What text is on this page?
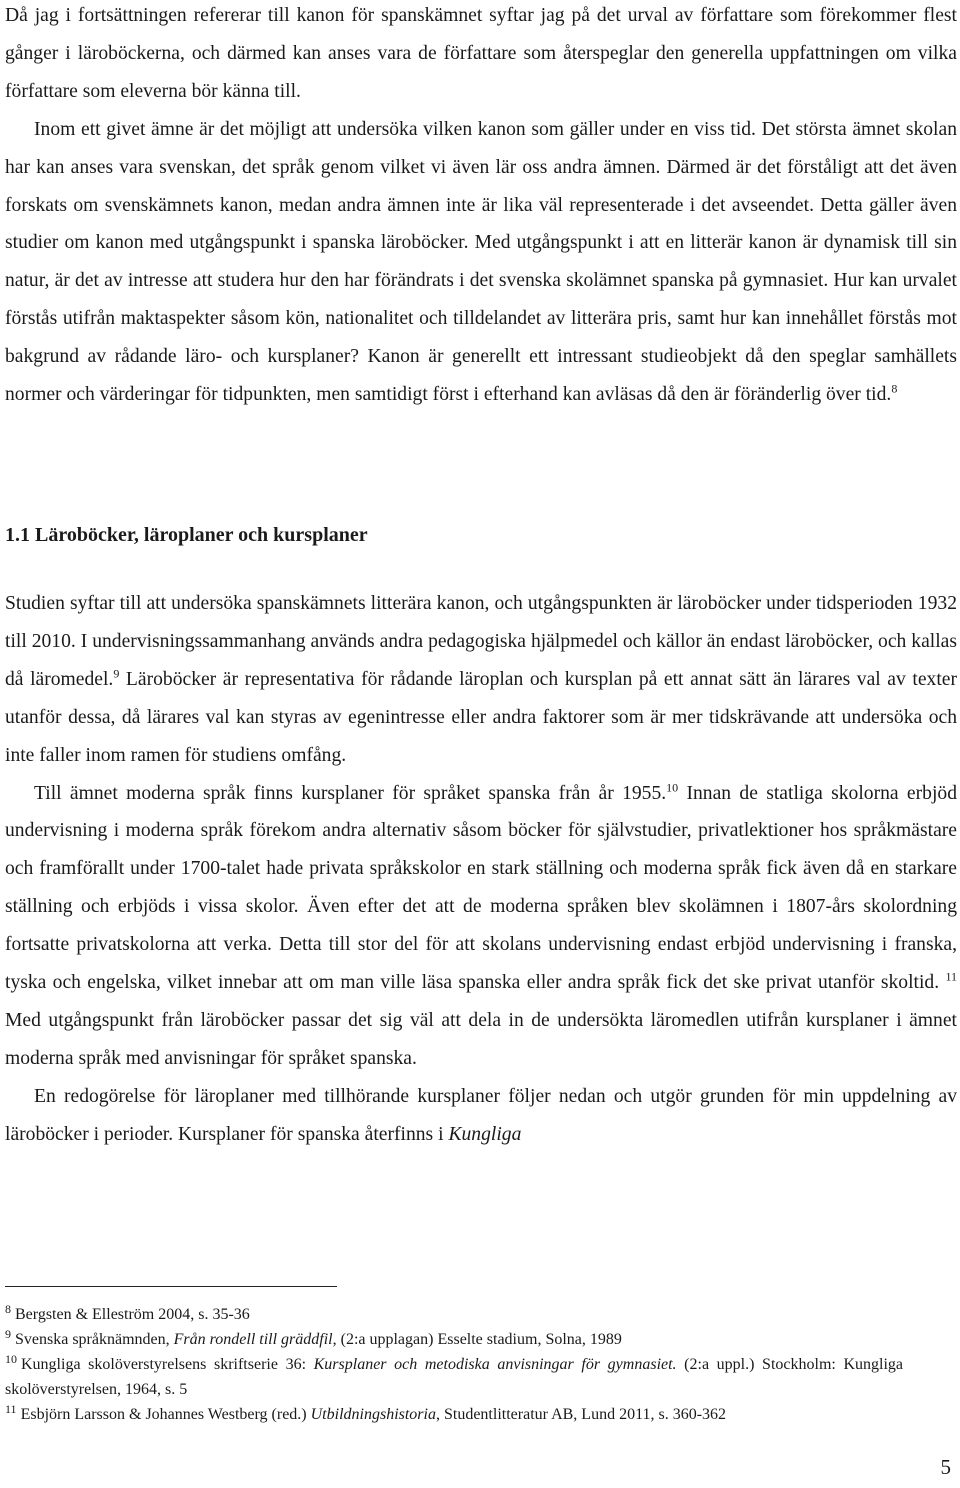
Då jag i fortsättningen refererar till kanon för spanskämnet syftar jag på det urval av författare som förekommer flest gånger i läroböckerna, och därmed kan anses vara de författare som återspeglar den generella uppfattningen om vilka författare som eleverna bör känna till.

Inom ett givet ämne är det möjligt att undersöka vilken kanon som gäller under en viss tid. Det största ämnet skolan har kan anses vara svenskan, det språk genom vilket vi även lär oss andra ämnen. Därmed är det förståligt att det även forskats om svenskämnets kanon, medan andra ämnen inte är lika väl representerade i det avseendet. Detta gäller även studier om kanon med utgångspunkt i spanska läroböcker. Med utgångspunkt i att en litterär kanon är dynamisk till sin natur, är det av intresse att studera hur den har förändrats i det svenska skolämnet spanska på gymnasiet. Hur kan urvalet förstås utifrån maktaspekter såsom kön, nationalitet och tilldelandet av litterära pris, samt hur kan innehållet förstås mot bakgrund av rådande läro- och kursplaner? Kanon är generellt ett intressant studieobjekt då den speglar samhällets normer och värderingar för tidpunkten, men samtidigt först i efterhand kan avläsas då den är föränderlig över tid.$^8$

1.1 Läroböcker, läroplaner och kursplaner

Studien syftar till att undersöka spanskämnets litterära kanon, och utgångspunkten är läroböcker under tidsperioden 1932 till 2010. I undervisningssammanhang används andra pedagogiska hjälpmedel och källor än endast läroböcker, och kallas då läromedel.$^9$ Läroböcker är representativa för rådande läroplan och kursplan på ett annat sätt än lärares val av texter utanför dessa, då lärares val kan styras av egenintresse eller andra faktorer som är mer tidskrävande att undersöka och inte faller inom ramen för studiens omfång.

Till ämnet moderna språk finns kursplaner för språket spanska från år 1955.10 Innan de statliga skolorna erbjöd undervisning i moderna språk förekom andra alternativ såsom böcker för självstudier, privatlektioner hos språkmästare och framförallt under 1700-talet hade privata språkskolor en stark ställning och moderna språk fick även då en starkare ställning och erbjöds i vissa skolor. Även efter det att de moderna språken blev skolämnen i 1807-års skolordning fortsatte privatskolorna att verka. Detta till stor del för att skolans undervisning endast erbjöd undervisning i franska, tyska och engelska, vilket innebar att om man ville läsa spanska eller andra språk fick det ske privat utanför skoltid. $^{11}$ Med utgångspunkt från läroböcker passar det sig väl att dela in de undersökta läromedlen utifrån kursplaner i ämnet moderna språk med anvisningar för språket spanska.

En redogörelse för läroplaner med tillhörande kursplaner följer nedan och utgör grunden för min uppdelning av läroböcker i perioder. Kursplaner för spanska återfinns i Kungliga

$^8$ Bergsten & Elleström 2004, s. 35-36

$^9$ Svenska språknämnden, Från rondell till gräddfil, (2:a upplagan) Esselte stadium, Solna, 1989

$^{10}$ Kungliga skolöverstyrelsens skriftserie 36: Kursplaner och metodiska anvisningar för gymnasiet. (2:a uppl.) Stockholm: Kungliga skolöverstyrelsen, 1964, s. 5

$^{11}$ Esbjörn Larsson & Johannes Westberg (red.) Utbildningshistoria, Studentlitteratur AB, Lund 2011, s. 360-362

5
